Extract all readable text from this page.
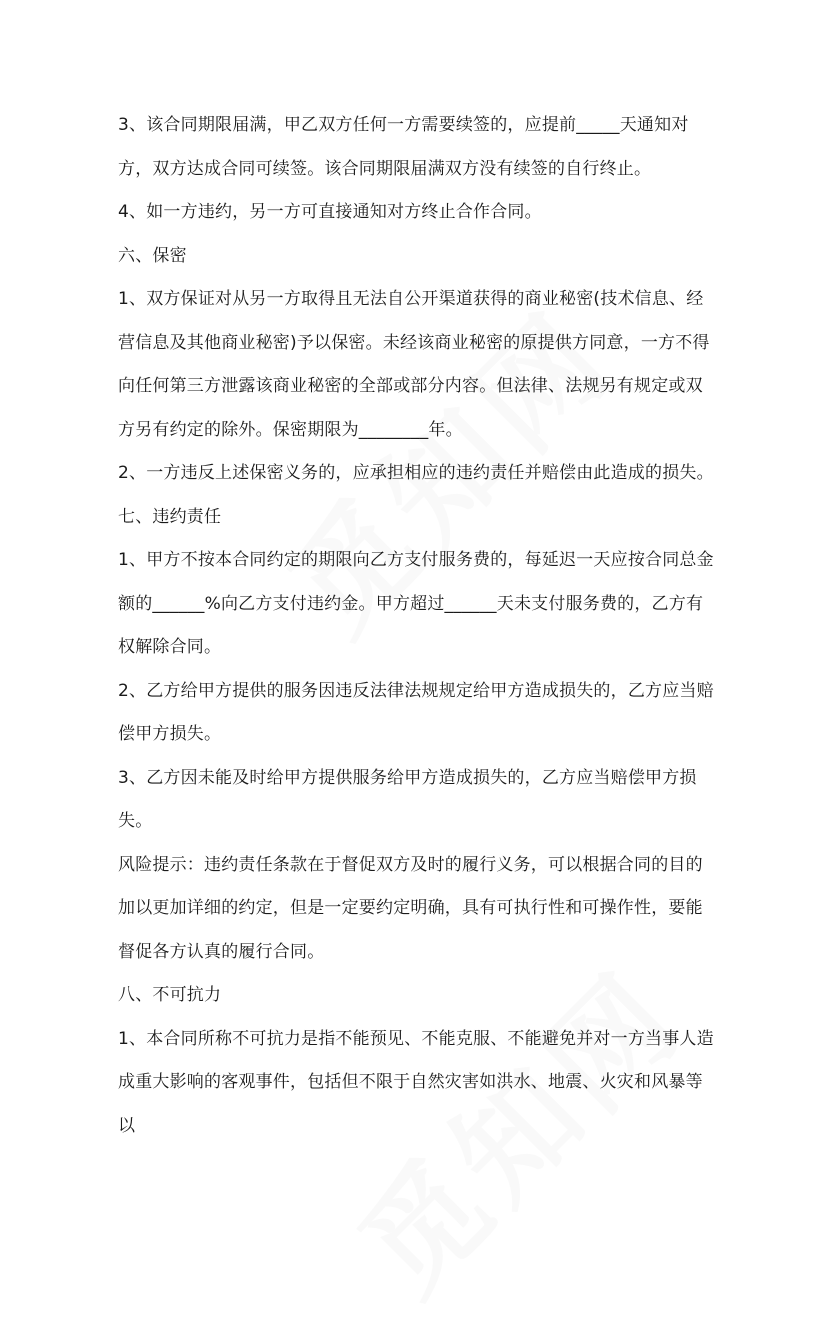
3、该合同期限届满，甲乙双方任何一方需要续签的，应提前_____天通知对方，双方达成合同可续签。该合同期限届满双方没有续签的自行终止。

4、如一方违约，另一方可直接通知对方终止合作合同。

六、保密

1、双方保证对从另一方取得且无法自公开渠道获得的商业秘密(技术信息、经营信息及其他商业秘密)予以保密。未经该商业秘密的原提供方同意，一方不得向任何第三方泄露该商业秘密的全部或部分内容。但法律、法规另有规定或双方另有约定的除外。保密期限为________年。

2、一方违反上述保密义务的，应承担相应的违约责任并赔偿由此造成的损失。

七、违约责任

1、甲方不按本合同约定的期限向乙方支付服务费的，每延迟一天应按合同总金额的______%向乙方支付违约金。甲方超过______天未支付服务费的，乙方有权解除合同。

2、乙方给甲方提供的服务因违反法律法规规定给甲方造成损失的，乙方应当赔偿甲方损失。

3、乙方因未能及时给甲方提供服务给甲方造成损失的，乙方应当赔偿甲方损失。

风险提示：违约责任条款在于督促双方及时的履行义务，可以根据合同的目的加以更加详细的约定，但是一定要约定明确，具有可执行性和可操作性，要能督促各方认真的履行合同。

八、不可抗力

1、本合同所称不可抗力是指不能预见、不能克服、不能避免并对一方当事人造成重大影响的客观事件，包括但不限于自然灾害如洪水、地震、火灾和风暴等以
